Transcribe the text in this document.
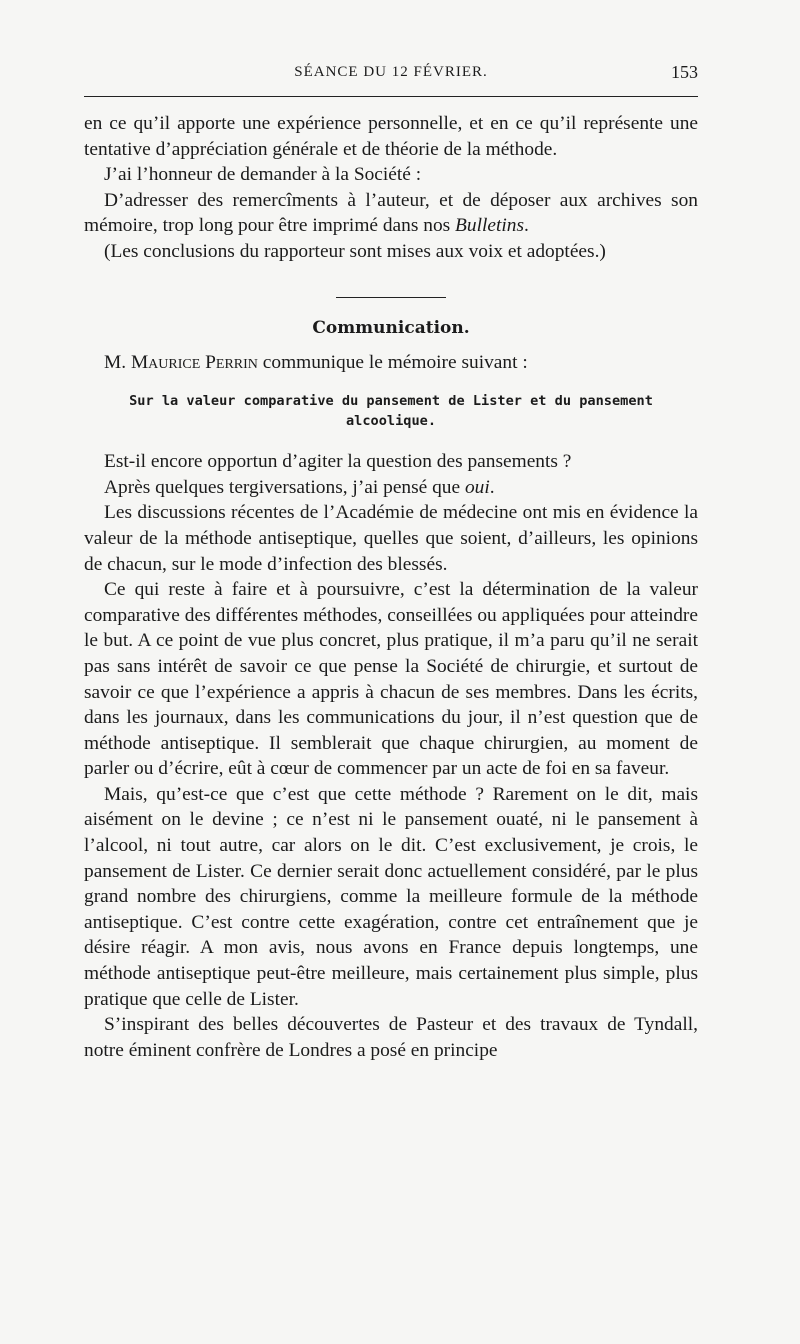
SÉANCE DU 12 FÉVRIER.	153

en ce qu’il apporte une expérience personnelle, et en ce qu’il représente une tentative d’appréciation générale et de théorie de la méthode.

J’ai l’honneur de demander à la Société :

D’adresser des remercîments à l’auteur, et de déposer aux archives son mémoire, trop long pour être imprimé dans nos Bulletins.

(Les conclusions du rapporteur sont mises aux voix et adoptées.)

Communication.

M. Maurice Perrin communique le mémoire suivant :

Sur la valeur comparative du pansement de Lister et du pansement alcoolique.

Est-il encore opportun d’agiter la question des pansements ?

Après quelques tergiversations, j’ai pensé que oui.

Les discussions récentes de l’Académie de médecine ont mis en évidence la valeur de la méthode antiseptique, quelles que soient, d’ailleurs, les opinions de chacun, sur le mode d’infection des blessés.

Ce qui reste à faire et à poursuivre, c’est la détermination de la valeur comparative des différentes méthodes, conseillées ou appliquées pour atteindre le but. A ce point de vue plus concret, plus pratique, il m’a paru qu’il ne serait pas sans intérêt de savoir ce que pense la Société de chirurgie, et surtout de savoir ce que l’expérience a appris à chacun de ses membres. Dans les écrits, dans les journaux, dans les communications du jour, il n’est question que de méthode antiseptique. Il semblerait que chaque chirurgien, au moment de parler ou d’écrire, eût à cœur de commencer par un acte de foi en sa faveur.

Mais, qu’est-ce que c’est que cette méthode ? Rarement on le dit, mais aisément on le devine ; ce n’est ni le pansement ouaté, ni le pansement à l’alcool, ni tout autre, car alors on le dit. C’est exclusivement, je crois, le pansement de Lister. Ce dernier serait donc actuellement considéré, par le plus grand nombre des chirurgiens, comme la meilleure formule de la méthode antiseptique. C’est contre cette exagération, contre cet entraînement que je désire réagir. A mon avis, nous avons en France depuis longtemps, une méthode antiseptique peut-être meilleure, mais certainement plus simple, plus pratique que celle de Lister.

S’inspirant des belles découvertes de Pasteur et des travaux de Tyndall, notre éminent confrère de Londres a posé en principe
